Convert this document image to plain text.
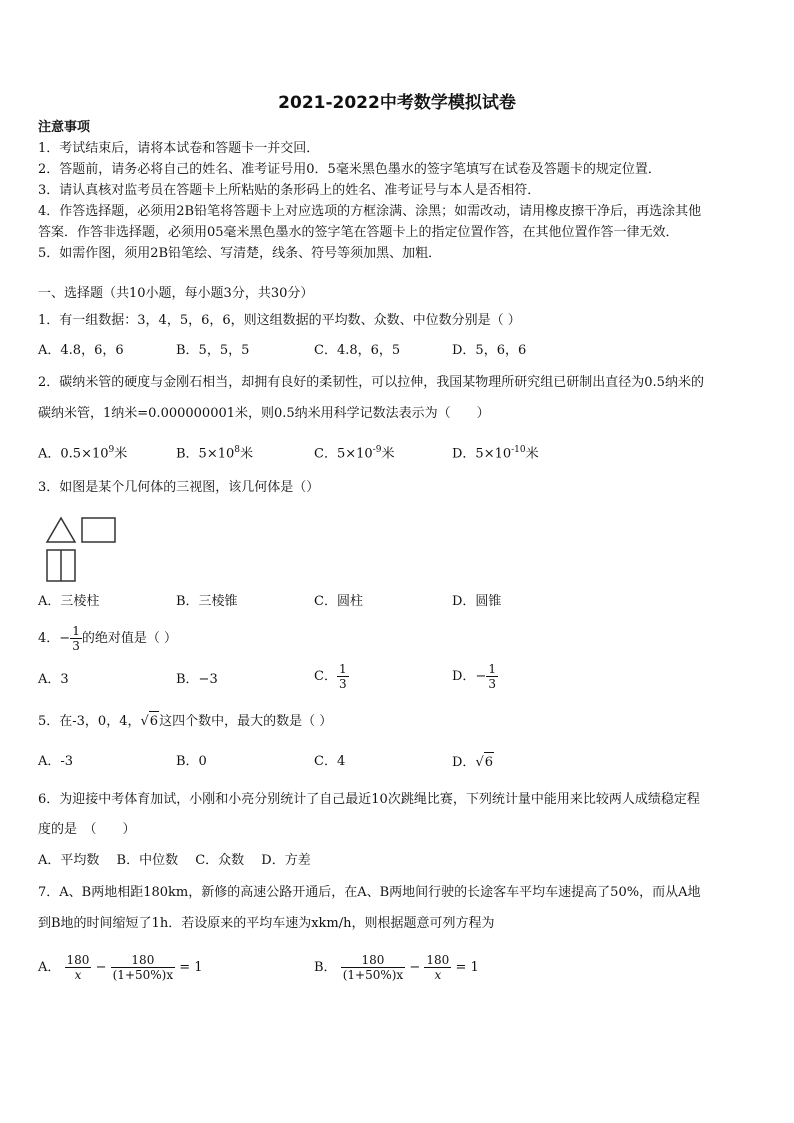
2021-2022中考数学模拟试卷
注意事项
1．考试结束后，请将本试卷和答题卡一并交回．
2．答题前，请务必将自己的姓名、准考证号用0．5毫米黑色墨水的签字笔填写在试卷及答题卡的规定位置．
3．请认真核对监考员在答题卡上所粘贴的条形码上的姓名、准考证号与本人是否相符．
4．作答选择题，必须用2B铅笔将答题卡上对应选项的方框涂满、涂黑；如需改动，请用橡皮擦干净后，再选涂其他
答案．作答非选择题，必须用05毫米黑色墨水的签字笔在答题卡上的指定位置作答，在其他位置作答一律无效．
5．如需作图，须用2B铅笔绘、写清楚，线条、符号等须加黑、加粗．
一、选择题（共10小题，每小题3分，共30分）
1．有一组数据：3，4，5，6，6，则这组数据的平均数、众数、中位数分别是（ ）
A．4.8，6，6	B．5，5，5	C．4.8，6，5	D．5，6，6
2．碳纳米管的硬度与金刚石相当，却拥有良好的柔韧性，可以拉伸，我国某物理所研究组已研制出直径为0.5纳米的
碳纳米管，1纳米=0.000000001米，则0.5纳米用科学记数法表示为（　　）
A．$0.5\times 10^9$米	B．$5\times 10^8$米	C．$5\times 10^{-9}$米	D．$5\times 10^{-10}$米
3．如图是某个几何体的三视图，该几何体是（）
A．三棱柱	B．三棱锥	C．圆柱	D．圆锥
4．− $\frac{1}{3}$ 的绝对值是（ ）
A．3	B．−3	C． $\frac{1}{3}$	D．− $\frac{1}{3}$
5．在-3，0，4，√6这四个数中，最大的数是（ ）
A．-3	B．0	C．4	D．√6
6．为迎接中考体育加试，小刚和小亮分别统计了自己最近10次跳绳比赛，下列统计量中能用来比较两人成绩稳定程
度的是　（　　）
A．平均数　 B．中位数　 C．众数　 D．方差
7．A、B两地相距180km，新修的高速公路开通后，在A、B两地间行驶的长途客车平均车速提高了50%，而从A地
到B地的时间缩短了1h．若设原来的平均车速为xkm/h，则根据题意可列方程为
A． $\frac{180}{x} - \frac{180}{(1+50\%)x} = 1$	B． $\frac{180}{(1+50\%)x} - \frac{180}{x} = 1$
